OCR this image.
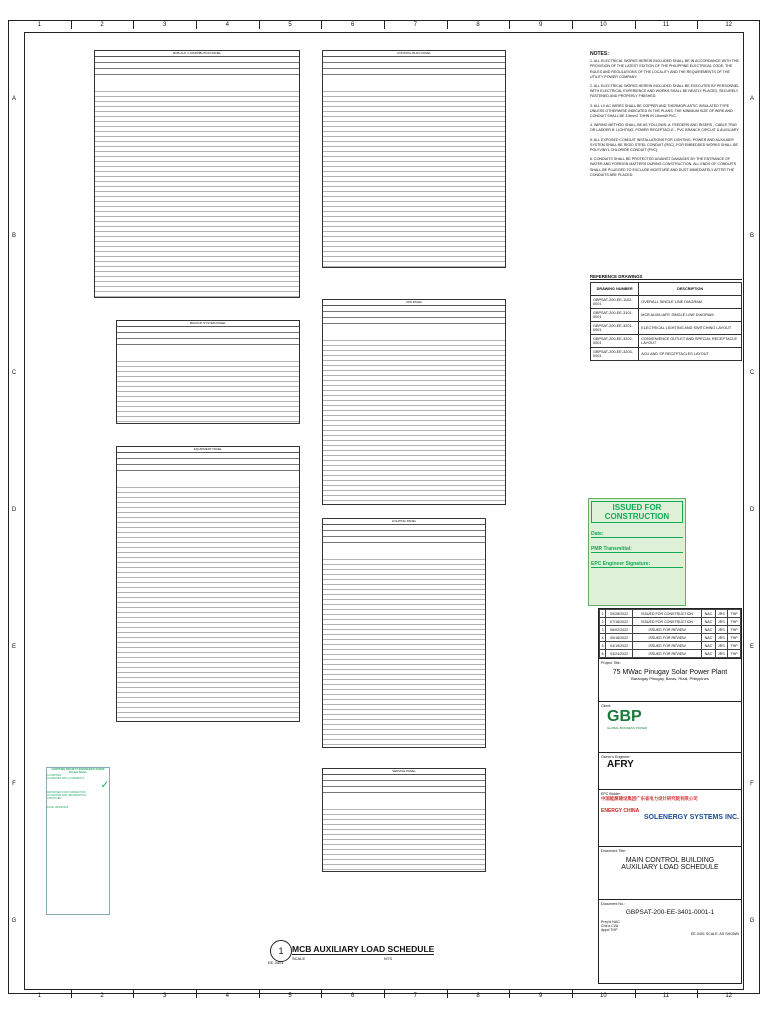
1	2	3	4	5	6	7	8	9	10	11	12
1	2	3	4	5	6	7	8	9	10	11	12
A
B
C
D
E
F
G
A
B
C
D
E
F
G
MCB-ALP-1 DISTRIBUTION PANEL	CONTROL BLDG PANEL
BACKUP SYSTEM PANEL
UPS PANEL
EQUIPMENT PANEL
LIGHTING PANEL
SERVICE PANEL
NOTES:
1. ALL ELECTRICAL WORKS HEREIN INCLUDED SHALL BE IN ACCORDANCE WITH THE PROVISION OF THE LATEST EDITION OF THE PHILIPPINE ELECTRICAL CODE, THE RULES AND REGULATIONS OF THE LOCALITY AND THE REQUIREMENTS OF THE UTILITY POWER COMPANY.
2. ALL ELECTRICAL WORKS HEREIN INCLUDED SHALL BE EXECUTED BY PERSONNEL WITH ELECTRICAL EXPERIENCE AND WORKS SHALL BE NEATLY PLACED, SECURELY FASTENED AND PROPERLY FINISHED.
3. ALL LV AC WIRES SHALL BE COPPER AND THERMOPLASTIC INSULATED TYPE UNLESS OTHERWISE INDICATED IN THE PLANS. THE MINIMUM SIZE OF WIRE AND CONDUIT SHALL BE 3.5mm2 THHN IN 15mmØ PVC.
4. WIRING METHOD SHALL BE AS FOLLOWS: A. FEEDERS AND RISERS - CABLE TRAY OR LADDER B. LIGHTING, POWER RECEPTACLE - PVC BRANCH CIRCUIT & AUXILIARY
5. ALL EXPOSED CONDUIT INSTALLATIONS FOR LIGHTING, POWER AND AUXILIARY SYSTEM SHALL BE RIGID STEEL CONDUIT (RSC). FOR EMBEDDED WORKS SHALL BE POLYVINYL CHLORIDE CONDUIT (PVC).
6. CONDUITS SHALL BE PROTECTED AGAINST DAMAGES BY THE ENTRANCE OF WATER AND FOREIGN MATTERS DURING CONSTRUCTION. ALL ENDS OF CONDUITS SHALL BE PLUGGED TO EXCLUDE MOISTURE AND DUST IMMEDIATELY AFTER THE CONDUITS ARE PLACED.
REFERENCE DRAWINGS
DRAWING NUMBER	DESCRIPTION
GBPSAT-200-EE-1102-0001	OVERALL SINGLE LINE DIAGRAM
GBPSAT-200-EE-3101-0001	MCB AUXILIARY SINGLE LINE DIAGRAM
GBPSAT-200-EE-3201-0001	ELECTRICAL LIGHTING AND SWITCHING LAYOUT
GBPSAT-200-EE-3202-0001	CONVENIENCE OUTLET AND SPECIAL RECEPTACLE LAYOUT
GBPSAT-200-EE-3203-0001	ACU AND SP RECEPTACLES LAYOUT
ISSUED FOR CONSTRUCTION
Date:
PMR Transmittal:
EPC Engineer Signature:
1	09/28/2022	ISSUED FOR CONSTRUCTION	NAC	JRS	THP
2	07/18/2022	ISSUED FOR CONSTRUCTION	NAC	JRS	THP
3	06/02/2022	ISSUED FOR REVIEW	NAC	JRS	THP
4	05/18/2022	ISSUED FOR REVIEW	NAC	JRS	THP
5	04/19/2022	ISSUED FOR REVIEW	NAC	JRS	THP
6	03/24/2022	ISSUED FOR REVIEW	NAC	JRS	THP
Project Title:
75 MWac Pinugay Solar Power Plant
Barangay Pinugay, Baras, Rizal, Philippines
Client:
GBP
GLOBAL BUSINESS POWER
Owner's Engineer:
AFRY
EPC Bidder:
中国能源建设集团广东省电力设计研究院有限公司
ENERGY CHINA
SOLENERGY SYSTEMS INC.
Document Title:
MAIN CONTROL BUILDING
AUXILIARY LOAD SCHEDULE
Document No.:
GBPSAT-200-EE-3401-0001-1
Prep'd NAC
Chk'd CVA
Appd THP
EE-3401 SCALE: AS SHOWN
CERTIFIED PROJECT ENGINEER'S STAMP
Review Status
ACCEPTED
ACCEPTED WITH COMMENTS
✓
RETURNED FOR CORRECTION
ACCEPTED FOR INFORMATION
APPROVED
DATE: 28/09/2022
1	MCB AUXILIARY LOAD SCHEDULE
SCALE	NTS
EE-3401
